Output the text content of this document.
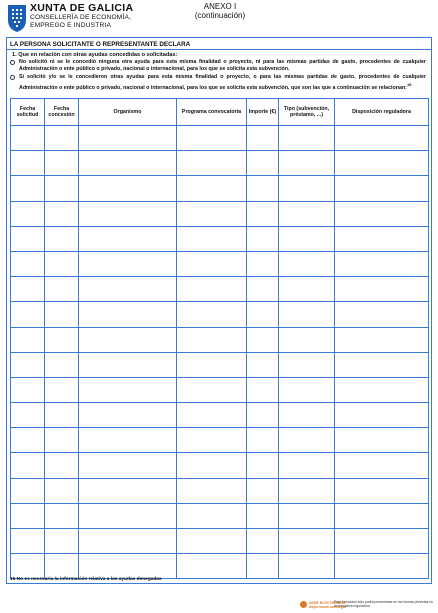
XUNTA DE GALICIA
CONSELLERÍA DE ECONOMÍA,
EMPREGO E INDUSTRIA
ANEXO I
(continuación)
LA PERSONA SOLICITANTE O REPRESENTANTE DECLARA
1. Que en relación con otras ayudas concedidas o solicitadas:
No solicitó ni se le concedió ninguna otra ayuda para esta misma finalidad o proyecto, ni para las mismas partidas de gasto, procedentes de cualquier Administración o ente público o privado, nacional o internacional, para los que se solicita esta subvención.
Sí solicitó y/o se le concedieron otras ayudas para esta misma finalidad o proyecto, o para las mismas partidas de gasto, procedentes de cualquier Administración o ente público o privado, nacional o internacional, para los que se solicita esta subvención, que son las que a continuación se relacionan:$^{15}$
Fecha solicitud	Fecha concesión	Organismo	Programa convocatoria	Importe (€)	Tipo (subvención, préstamo, ...)	Disposición reguladora

15 No es necesaria la información relativa a las ayudas denegadas
SEDE ELECTRÓNICA
https://sede.xunta.gal
Este formulario sólo podrá presentarse en las formas previstas en la normativa reguladora
